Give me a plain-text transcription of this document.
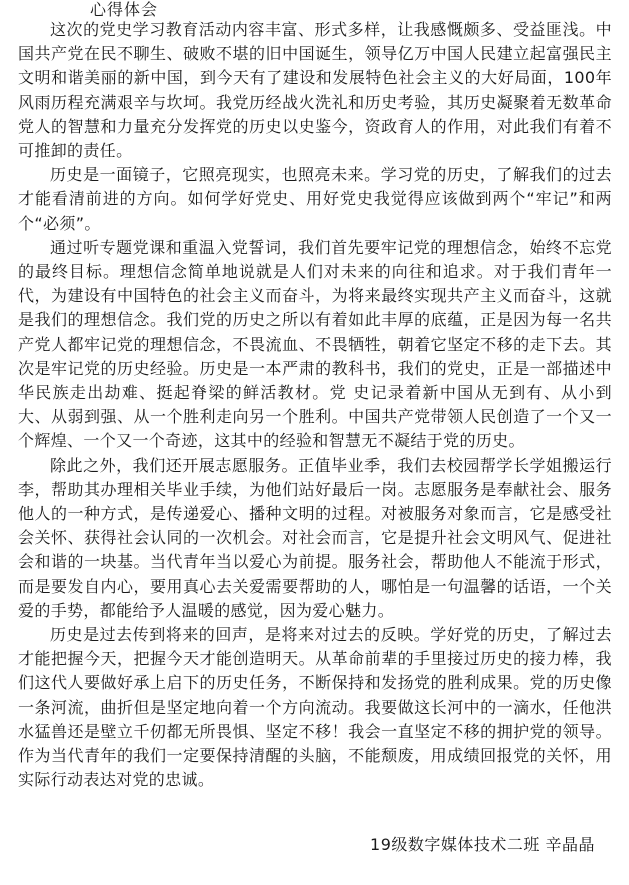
心得体会

这次的党史学习教育活动内容丰富、形式多样，让我感慨颇多、受益匪浅。中国共产党在民不聊生、破败不堪的旧中国诞生，领导亿万中国人民建立起富强民主文明和谐美丽的新中国，到今天有了建设和发展特色社会主义的大好局面，100年风雨历程充满艰辛与坎坷。我党历经战火洗礼和历史考验，其历史凝聚着无数革命党人的智慧和力量充分发挥党的历史以史鉴今，资政育人的作用，对此我们有着不可推卸的责任。

历史是一面镜子，它照亮现实，也照亮未来。学习党的历史，了解我们的过去才能看清前进的方向。如何学好党史、用好党史我觉得应该做到两个“牢记”和两个“必须”。

通过听专题党课和重温入党誓词，我们首先要牢记党的理想信念，始终不忘党的最终目标。理想信念简单地说就是人们对未来的向往和追求。对于我们青年一代，为建设有中国特色的社会主义而奋斗，为将来最终实现共产主义而奋斗，这就是我们的理想信念。我们党的历史之所以有着如此丰厚的底蕴，正是因为每一名共产党人都牢记党的理想信念，不畏流血、不畏牺牲，朝着它坚定不移的走下去。其次是牢记党的历史经验。历史是一本严肃的教科书，我们的党史，正是一部描述中华民族走出劫难、挺起脊梁的鲜活教材。党 史记录着新中国从无到有、从小到大、从弱到强、从一个胜利走向另一个胜利。中国共产党带领人民创造了一个又一个辉煌、一个又一个奇迹，这其中的经验和智慧无不凝结于党的历史。

除此之外，我们还开展志愿服务。正值毕业季，我们去校园帮学长学姐搬运行李，帮助其办理相关毕业手续，为他们站好最后一岗。志愿服务是奉献社会、服务他人的一种方式，是传递爱心、播种文明的过程。对被服务对象而言，它是感受社会关怀、获得社会认同的一次机会。对社会而言，它是提升社会文明风气、促进社会和谐的一块基。当代青年当以爱心为前提。服务社会，帮助他人不能流于形式，而是要发自内心，要用真心去关爱需要帮助的人，哪怕是一句温馨的话语，一个关爱的手势，都能给予人温暖的感觉，因为爱心魅力。

历史是过去传到将来的回声，是将来对过去的反映。学好党的历史，了解过去才能把握今天，把握今天才能创造明天。从革命前辈的手里接过历史的接力棒，我们这代人要做好承上启下的历史任务，不断保持和发扬党的胜利成果。党的历史像一条河流，曲折但是坚定地向着一个方向流动。我要做这长河中的一滴水，任他洪水猛兽还是壁立千仞都无所畏惧、坚定不移！我会一直坚定不移的拥护党的领导。作为当代青年的我们一定要保持清醒的头脑，不能颓废，用成绩回报党的关怀，用实际行动表达对党的忠诚。

19级数字媒体技术二班 辛晶晶
